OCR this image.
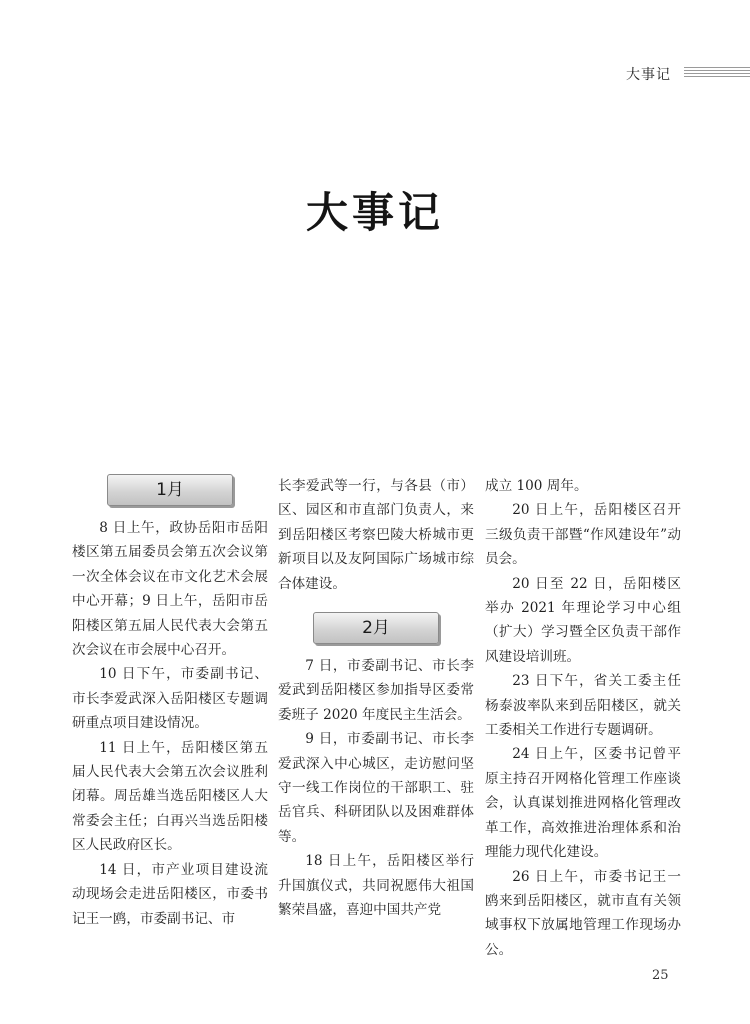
大事记
大事记
1月

8 日上午，政协岳阳市岳阳楼区第五届委员会第五次会议第一次全体会议在市文化艺术会展中心开幕；9 日上午，岳阳市岳阳楼区第五届人民代表大会第五次会议在市会展中心召开。

10 日下午，市委副书记、市长李爱武深入岳阳楼区专题调研重点项目建设情况。

11 日上午，岳阳楼区第五届人民代表大会第五次会议胜利闭幕。周岳雄当选岳阳楼区人大常委会主任；白再兴当选岳阳楼区人民政府区长。

14 日，市产业项目建设流动现场会走进岳阳楼区，市委书记王一鸥，市委副书记、市

长李爱武等一行，与各县（市）区、园区和市直部门负责人，来到岳阳楼区考察巴陵大桥城市更新项目以及友阿国际广场城市综合体建设。

2月

7 日，市委副书记、市长李爱武到岳阳楼区参加指导区委常委班子 2020 年度民主生活会。

9 日，市委副书记、市长李爱武深入中心城区，走访慰问坚守一线工作岗位的干部职工、驻岳官兵、科研团队以及困难群体等。

18 日上午，岳阳楼区举行升国旗仪式，共同祝愿伟大祖国繁荣昌盛，喜迎中国共产党

成立 100 周年。

20 日上午，岳阳楼区召开三级负责干部暨“作风建设年”动员会。

20 日至 22 日，岳阳楼区举办 2021 年理论学习中心组（扩大）学习暨全区负责干部作风建设培训班。

23 日下午，省关工委主任杨泰波率队来到岳阳楼区，就关工委相关工作进行专题调研。

24 日上午，区委书记曾平原主持召开网格化管理工作座谈会，认真谋划推进网格化管理改革工作，高效推进治理体系和治理能力现代化建设。

26 日上午，市委书记王一鸥来到岳阳楼区，就市直有关领域事权下放属地管理工作现场办公。

25
